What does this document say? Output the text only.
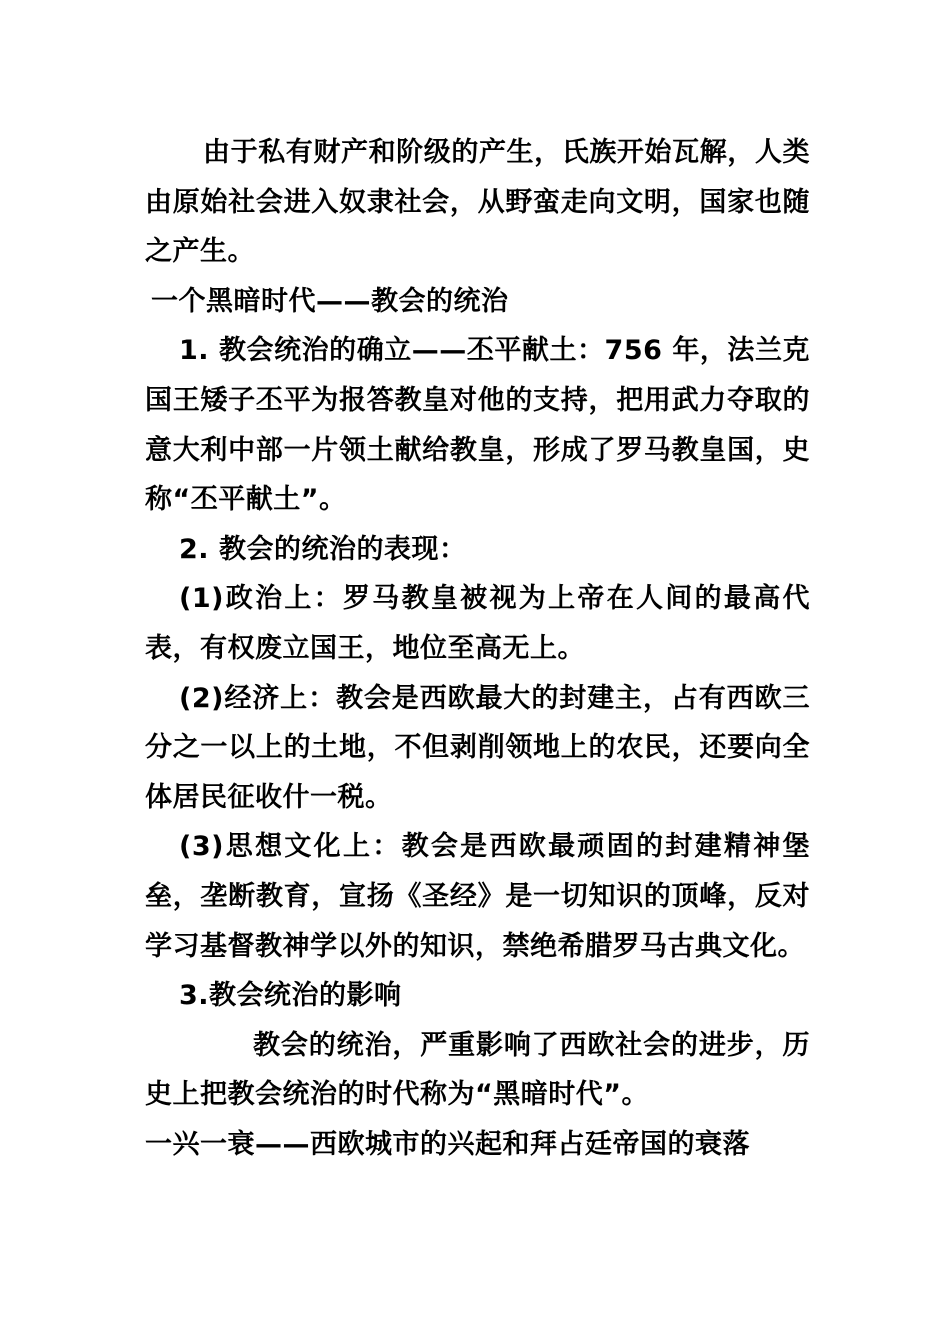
由于私有财产和阶级的产生，氏族开始瓦解，人类由原始社会进入奴隶社会，从野蛮走向文明，国家也随之产生。

一个黑暗时代——教会的统治

1. 教会统治的确立——丕平献土：756 年，法兰克国王矮子丕平为报答教皇对他的支持，把用武力夺取的意大利中部一片领土献给教皇，形成了罗马教皇国，史称“丕平献土”。

2. 教会的统治的表现：

(1)政治上：罗马教皇被视为上帝在人间的最高代表，有权废立国王，地位至高无上。

(2)经济上：教会是西欧最大的封建主，占有西欧三分之一以上的土地，不但剥削领地上的农民，还要向全体居民征收什一税。

(3)思想文化上：教会是西欧最顽固的封建精神堡垒，垄断教育，宣扬《圣经》是一切知识的顶峰，反对学习基督教神学以外的知识，禁绝希腊罗马古典文化。

3.教会统治的影响

教会的统治，严重影响了西欧社会的进步，历史上把教会统治的时代称为“黑暗时代”。

一兴一衰——西欧城市的兴起和拜占廷帝国的衰落
